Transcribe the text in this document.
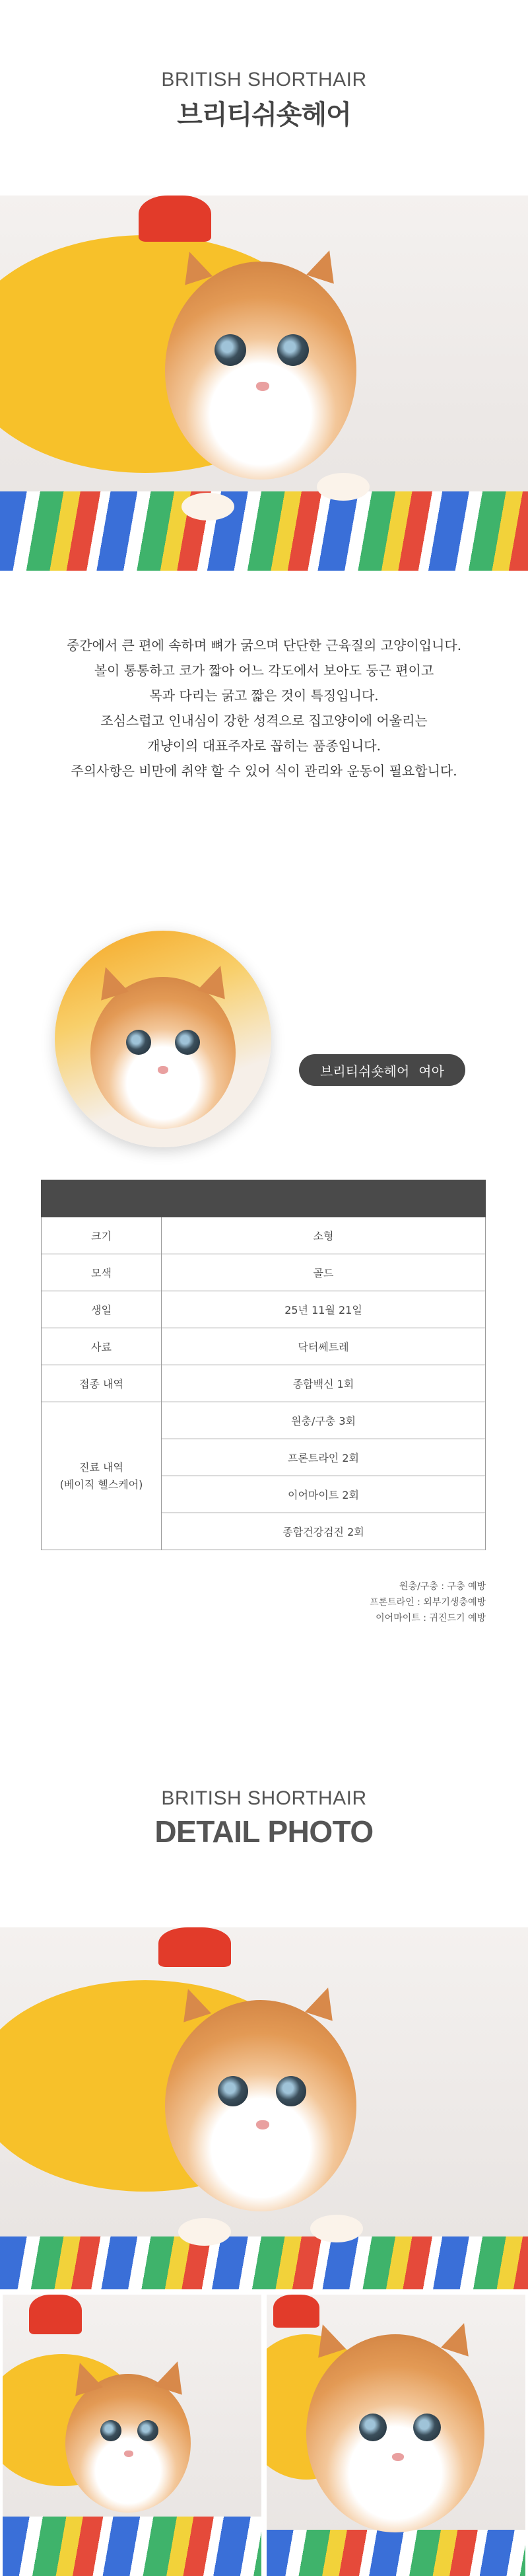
BRITISH SHORTHAIR
브리티쉬숏헤어
중간에서 큰 편에 속하며 뼈가 굵으며 단단한 근육질의 고양이입니다.
볼이 통통하고 코가 짧아 어느 각도에서 보아도 둥근 편이고
목과 다리는 굵고 짧은 것이 특징입니다.
조심스럽고 인내심이 강한 성격으로 집고양이에 어울리는
개냥이의 대표주자로 꼽히는 품종입니다.
주의사항은 비만에 취약 할 수 있어 식이 관리와 운동이 필요합니다.
브리티쉬숏헤어 여아

크기	소형
모색	골드
생일	25년 11월 21일
사료	닥터쎄트레
접종 내역	종합백신 1회

진료 내역
(베이직 헬스케어)	원충/구충 3회
	프론트라인 2회
	이어마이트 2회
	종합건강검진 2회
원충/구충 : 구충 예방
프론트라인 : 외부기생충예방
이어마이트 : 귀진드기 예방
BRITISH SHORTHAIR
DETAIL PHOTO
